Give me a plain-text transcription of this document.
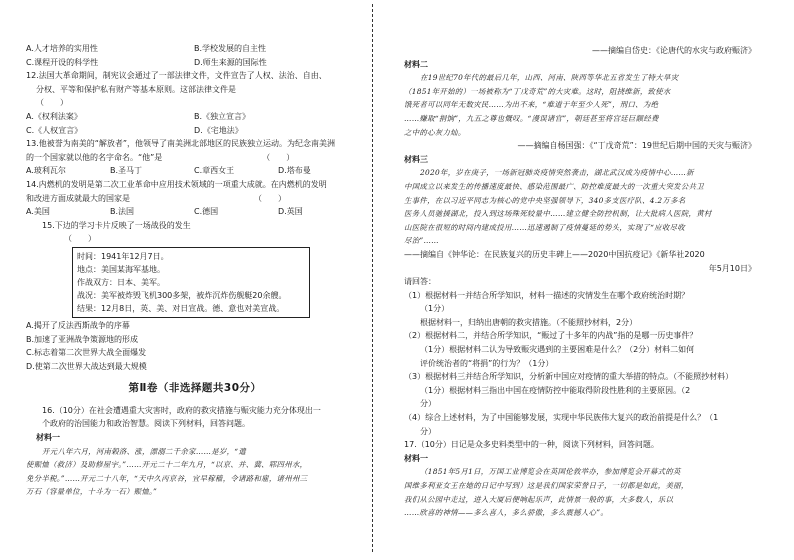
A.人才培养的实用性	B.学校发展的自主性
C.课程开设的科学性	D.师生来源的国际性
12.法国大革命期间，制宪议会通过了一部法律文件，文件宣告了人权、法治、自由、
分权、平等和保护私有财产等基本原则。这部法律文件是
（　　）
A.《权利法案》	B.《独立宣言》
C.《人权宣言》	D.《宅地法》
13.他被誉为南美的“解放者”，他领导了南美洲北部地区的民族独立运动。为纪念南美洲
的一个国家就以他的名字命名。“他”是　　　　　　　　　　　　　（　　）
A.玻利瓦尔	B.圣马丁	C.章西女王	D.塔布曼
14.内燃机的发明是第二次工业革命中应用技术领域的一项重大成就。在内燃机的发明
和改进方面成就最大的国家是　　　　　　　　　　　　　　　　（　　）
A.美国	B.法国	C.德国	D.英国
15.下边的学习卡片反映了一场战役的发生
（　　）
时间：1941年12月7日。
地点：美国某海军基地。
作战双方：日本、美军。
战况：美军被炸毁飞机300多架，被炸沉炸伤舰艇20余艘。
结果：12月8日，英、美、对日宣战。德、意也对美宣战。
A.揭开了反法西斯战争的序幕
B.加速了亚洲战争策源地的形成
C.标志着第二次世界大战全面爆发
D.使第二次世界大战达到最大规模
第Ⅱ卷（非选择题共30分）
16.（10分）在社会遭遇重大灾害时，政府的救灾措施与赈灾能力充分体现出一
个政府的治国能力和政治智慧。阅读下列材料，回答问题。
材料一
开元八年六月，河南榖洛、涨，漂溺二千余家……是岁，“遣
使赈恤（救济）及助修屋宇。”……开元二十二年九月，“以京、并、冀、郓四州水，
免分半税。”……开元二十八年，“天中久丙京谷，宜早稼穑，令诸路和雇，诸州州三
万石（容量单位，十斗为一石）赈恤。”
——摘编自岱史：《论唐代的水灾与政府赈济》
材料二
在19世纪70年代的最后几年，山西、河南、陕西等华北五省发生了特大旱灾
（1851年开始的）一场被称为“丁戊奇荒”的大灾难。这时，阻挠维新，致使水
饿死者可以同年无数灾民……为出不来，“难道于年至少人死”，刑口、为绝
……赚取“捐饷”，九五之尊也慨叹。“漫误诸官”，朝廷甚至将宫廷巨额经费
之中的心灰力灿。
——摘编自杨国强：《“丁戊奇荒”：19世纪后期中国的天灾与赈济》
材料三
2020年，岁在庚子，一场新冠肺炎疫情突然袭击，湖北武汉成为疫情中心……新
中国成立以来发生的传播速度最快、感染范围最广、防控难度最大的一次重大突发公共卫
生事件，在以习近平同志为核心的党中央坚强领导下，340多支医疗队、4.2万多名
医务人员驰援湖北，投入到这场殊死较量中……建立健全防控机制，让大批病人医院，黄村
山医院在很短的时间内建成投用……迅速遏制了疫情蔓延的势头，实现了“应收尽收
尽治”……
——摘编自《钟华论：在民族复兴的历史丰碑上——2020中国抗疫记》《新华社2020
年5月10日》
请回答：
（1）根据材料一并结合所学知识，材料一描述的灾情发生在哪个政府统治时期？
（1分）
根据材料一，归纳出唐朝的救灾措施。（不能照抄材料，2分）
（2）根据材料二，并结合所学知识，“赈过了十多年的内战”指的是哪一历史事件？
（1分）根据材料二认为导致赈灾遇到的主要困难是什么？（2分）材料二如何
评价统治者的“将捐”的行为？（1分）
（3）根据材料三并结合所学知识，分析新中国应对疫情的重大举措的特点。（不能照抄材料）
（1分）根据材料三指出中国在疫情防控中能取得阶段性胜利的主要原因。（2
分）
（4）综合上述材料，为了中国能够发展，实现中华民族伟大复兴的政治前提是什么？（1
分）
17.（10分）日记是众多史料类型中的一种，阅读下列材料，回答问题。
材料一
（1851年5月1日，万国工业博览会在英国伦敦举办，参加博览会开幕式的英
国维多利亚女王在她的日记中写到）这是我们国家荣誉日子，一切都是如此，美丽，
我们从公园中走过，进入大厦后便响起乐声，此情景一般的事，大多数人，乐以
……欣喜的神情——多么喜人，多么骄傲，多么震撼人心”。
